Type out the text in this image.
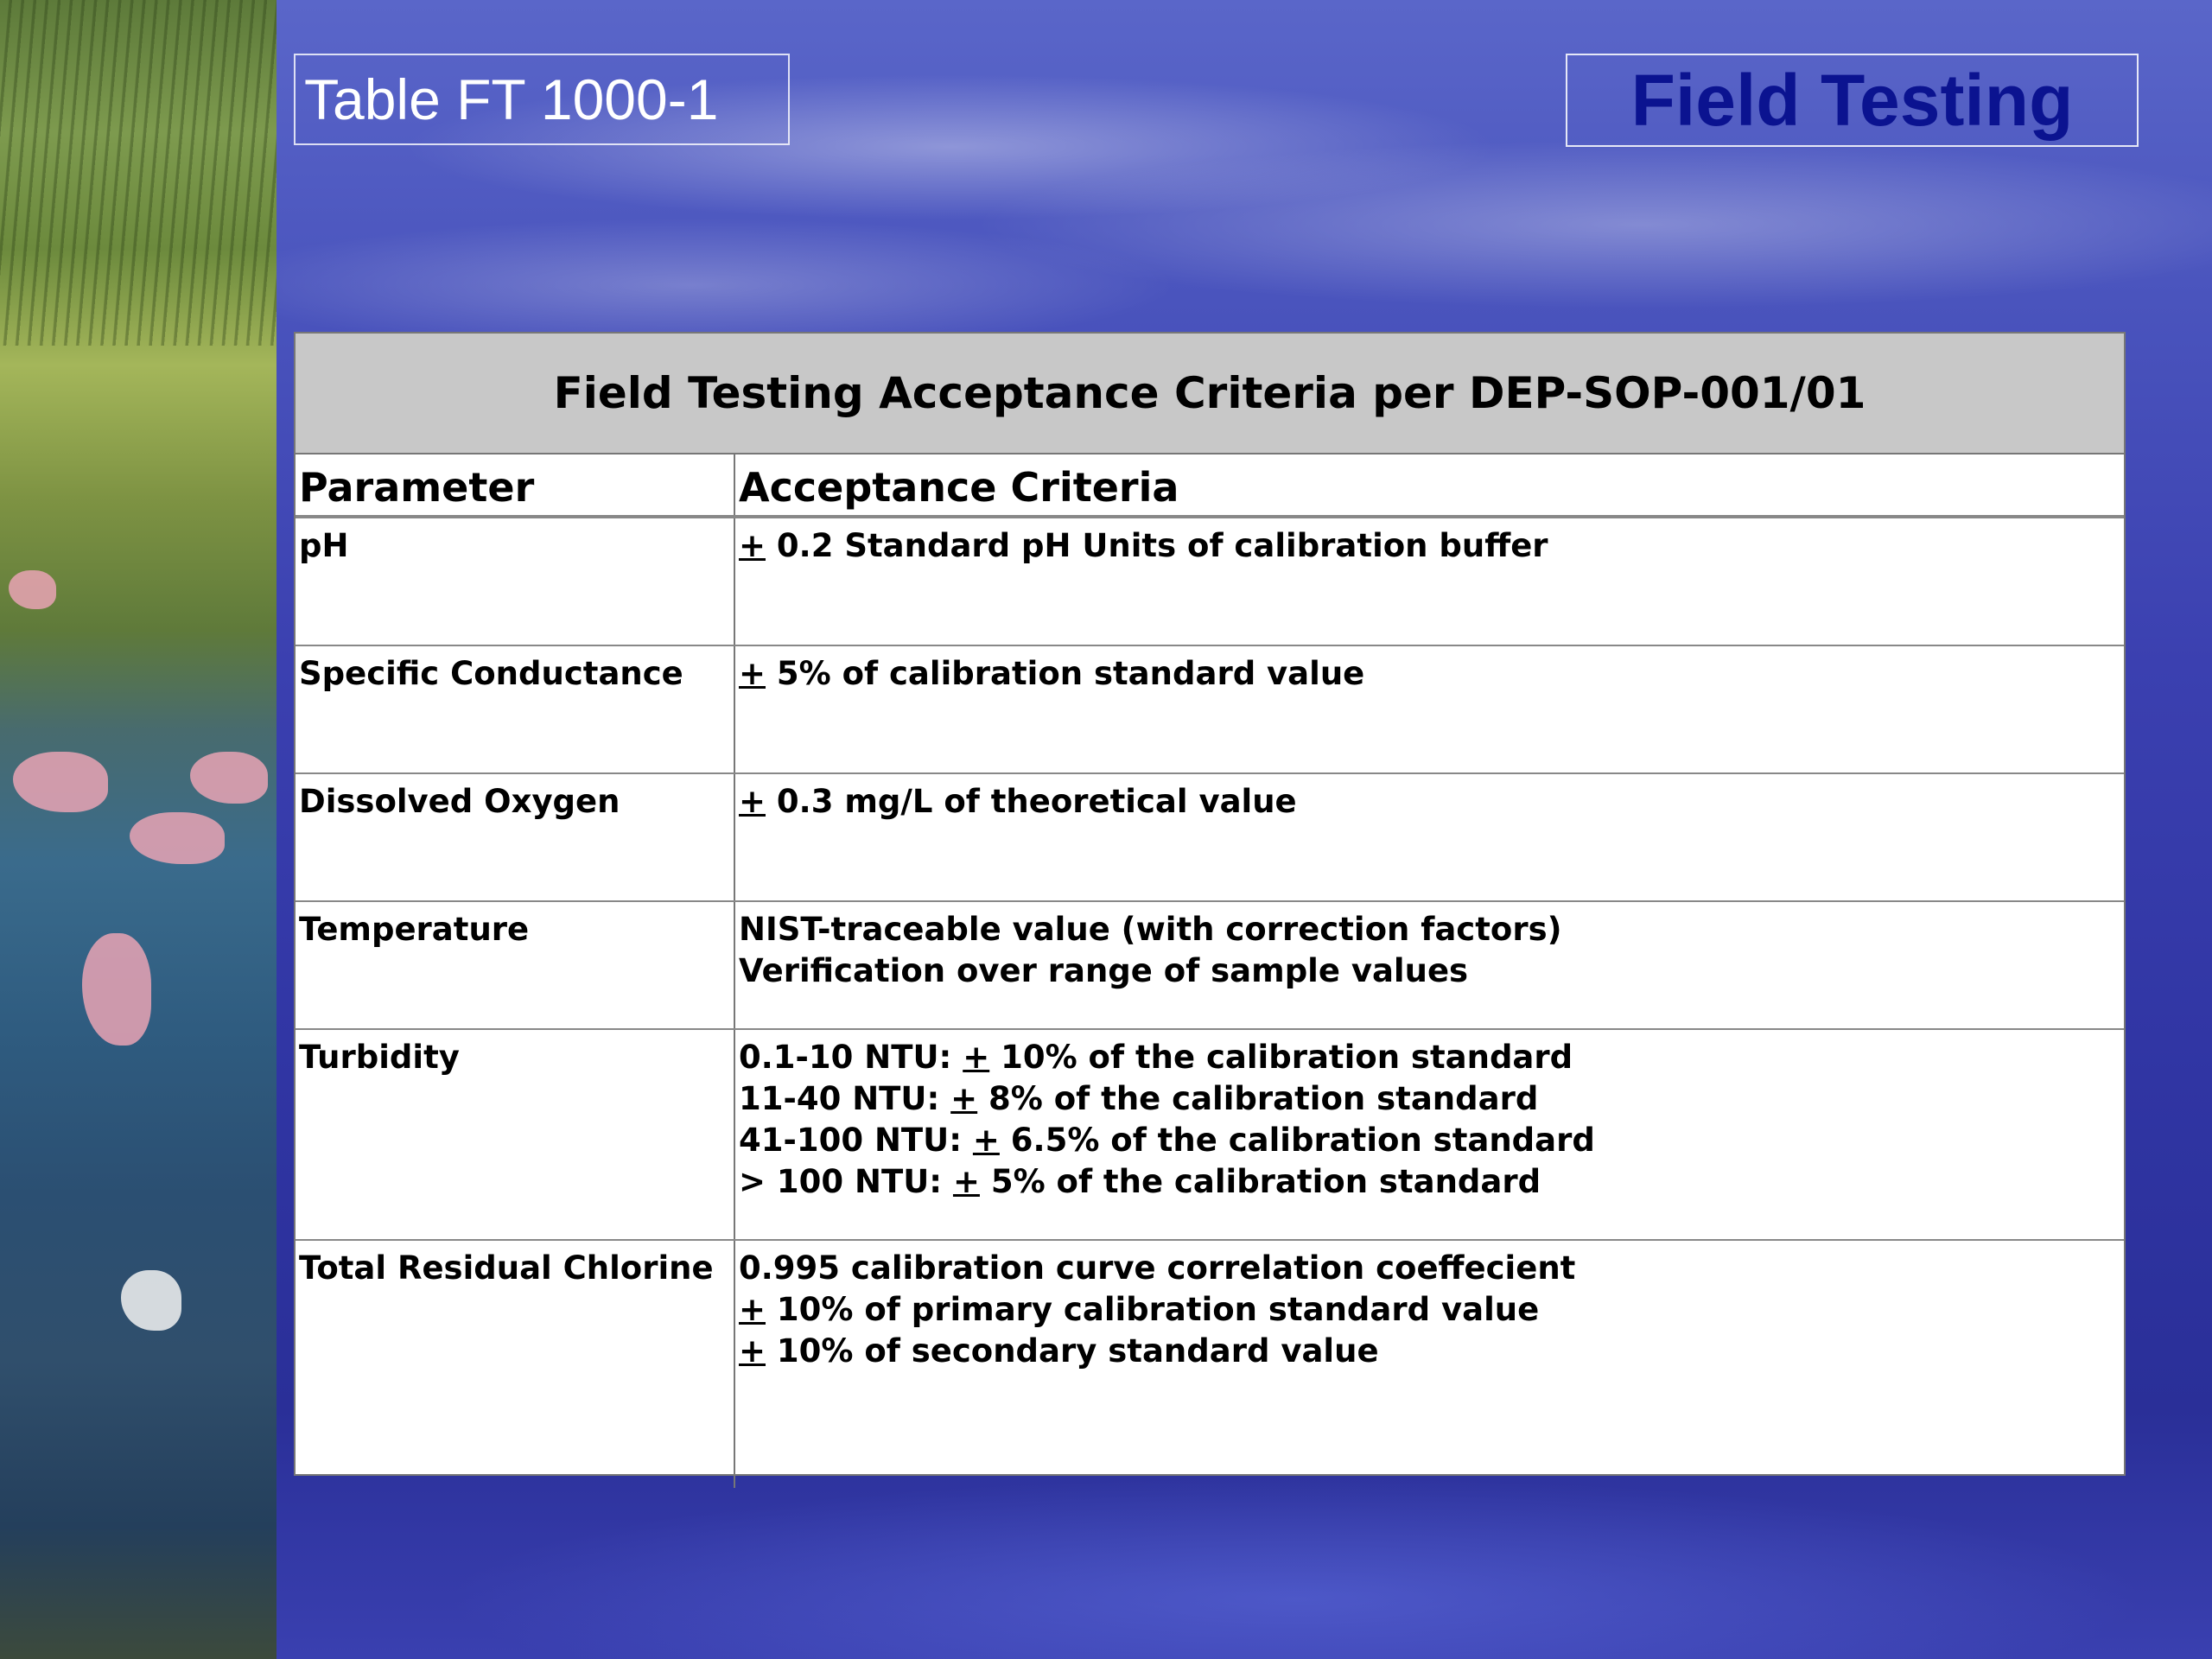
Table FT 1000-1	Field Testing
Field Testing Acceptance Criteria per DEP-SOP-001/01	
Parameter	Acceptance Criteria
pH	+ 0.2 Standard pH Units of calibration buffer

Specific Conductance	+ 5% of calibration standard value

Dissolved Oxygen	+ 0.3 mg/L of theoretical value

Temperature	NIST-traceable value (with correction factors)
Verification over range of sample values

Turbidity	0.1-10 NTU: + 10% of the calibration standard
11-40 NTU: + 8% of the calibration standard
41-100 NTU: + 6.5% of the calibration standard
> 100 NTU: + 5% of the calibration standard

Total Residual Chlorine	0.995 calibration curve correlation coeffecient
+ 10% of primary calibration standard value
+ 10% of secondary standard value
